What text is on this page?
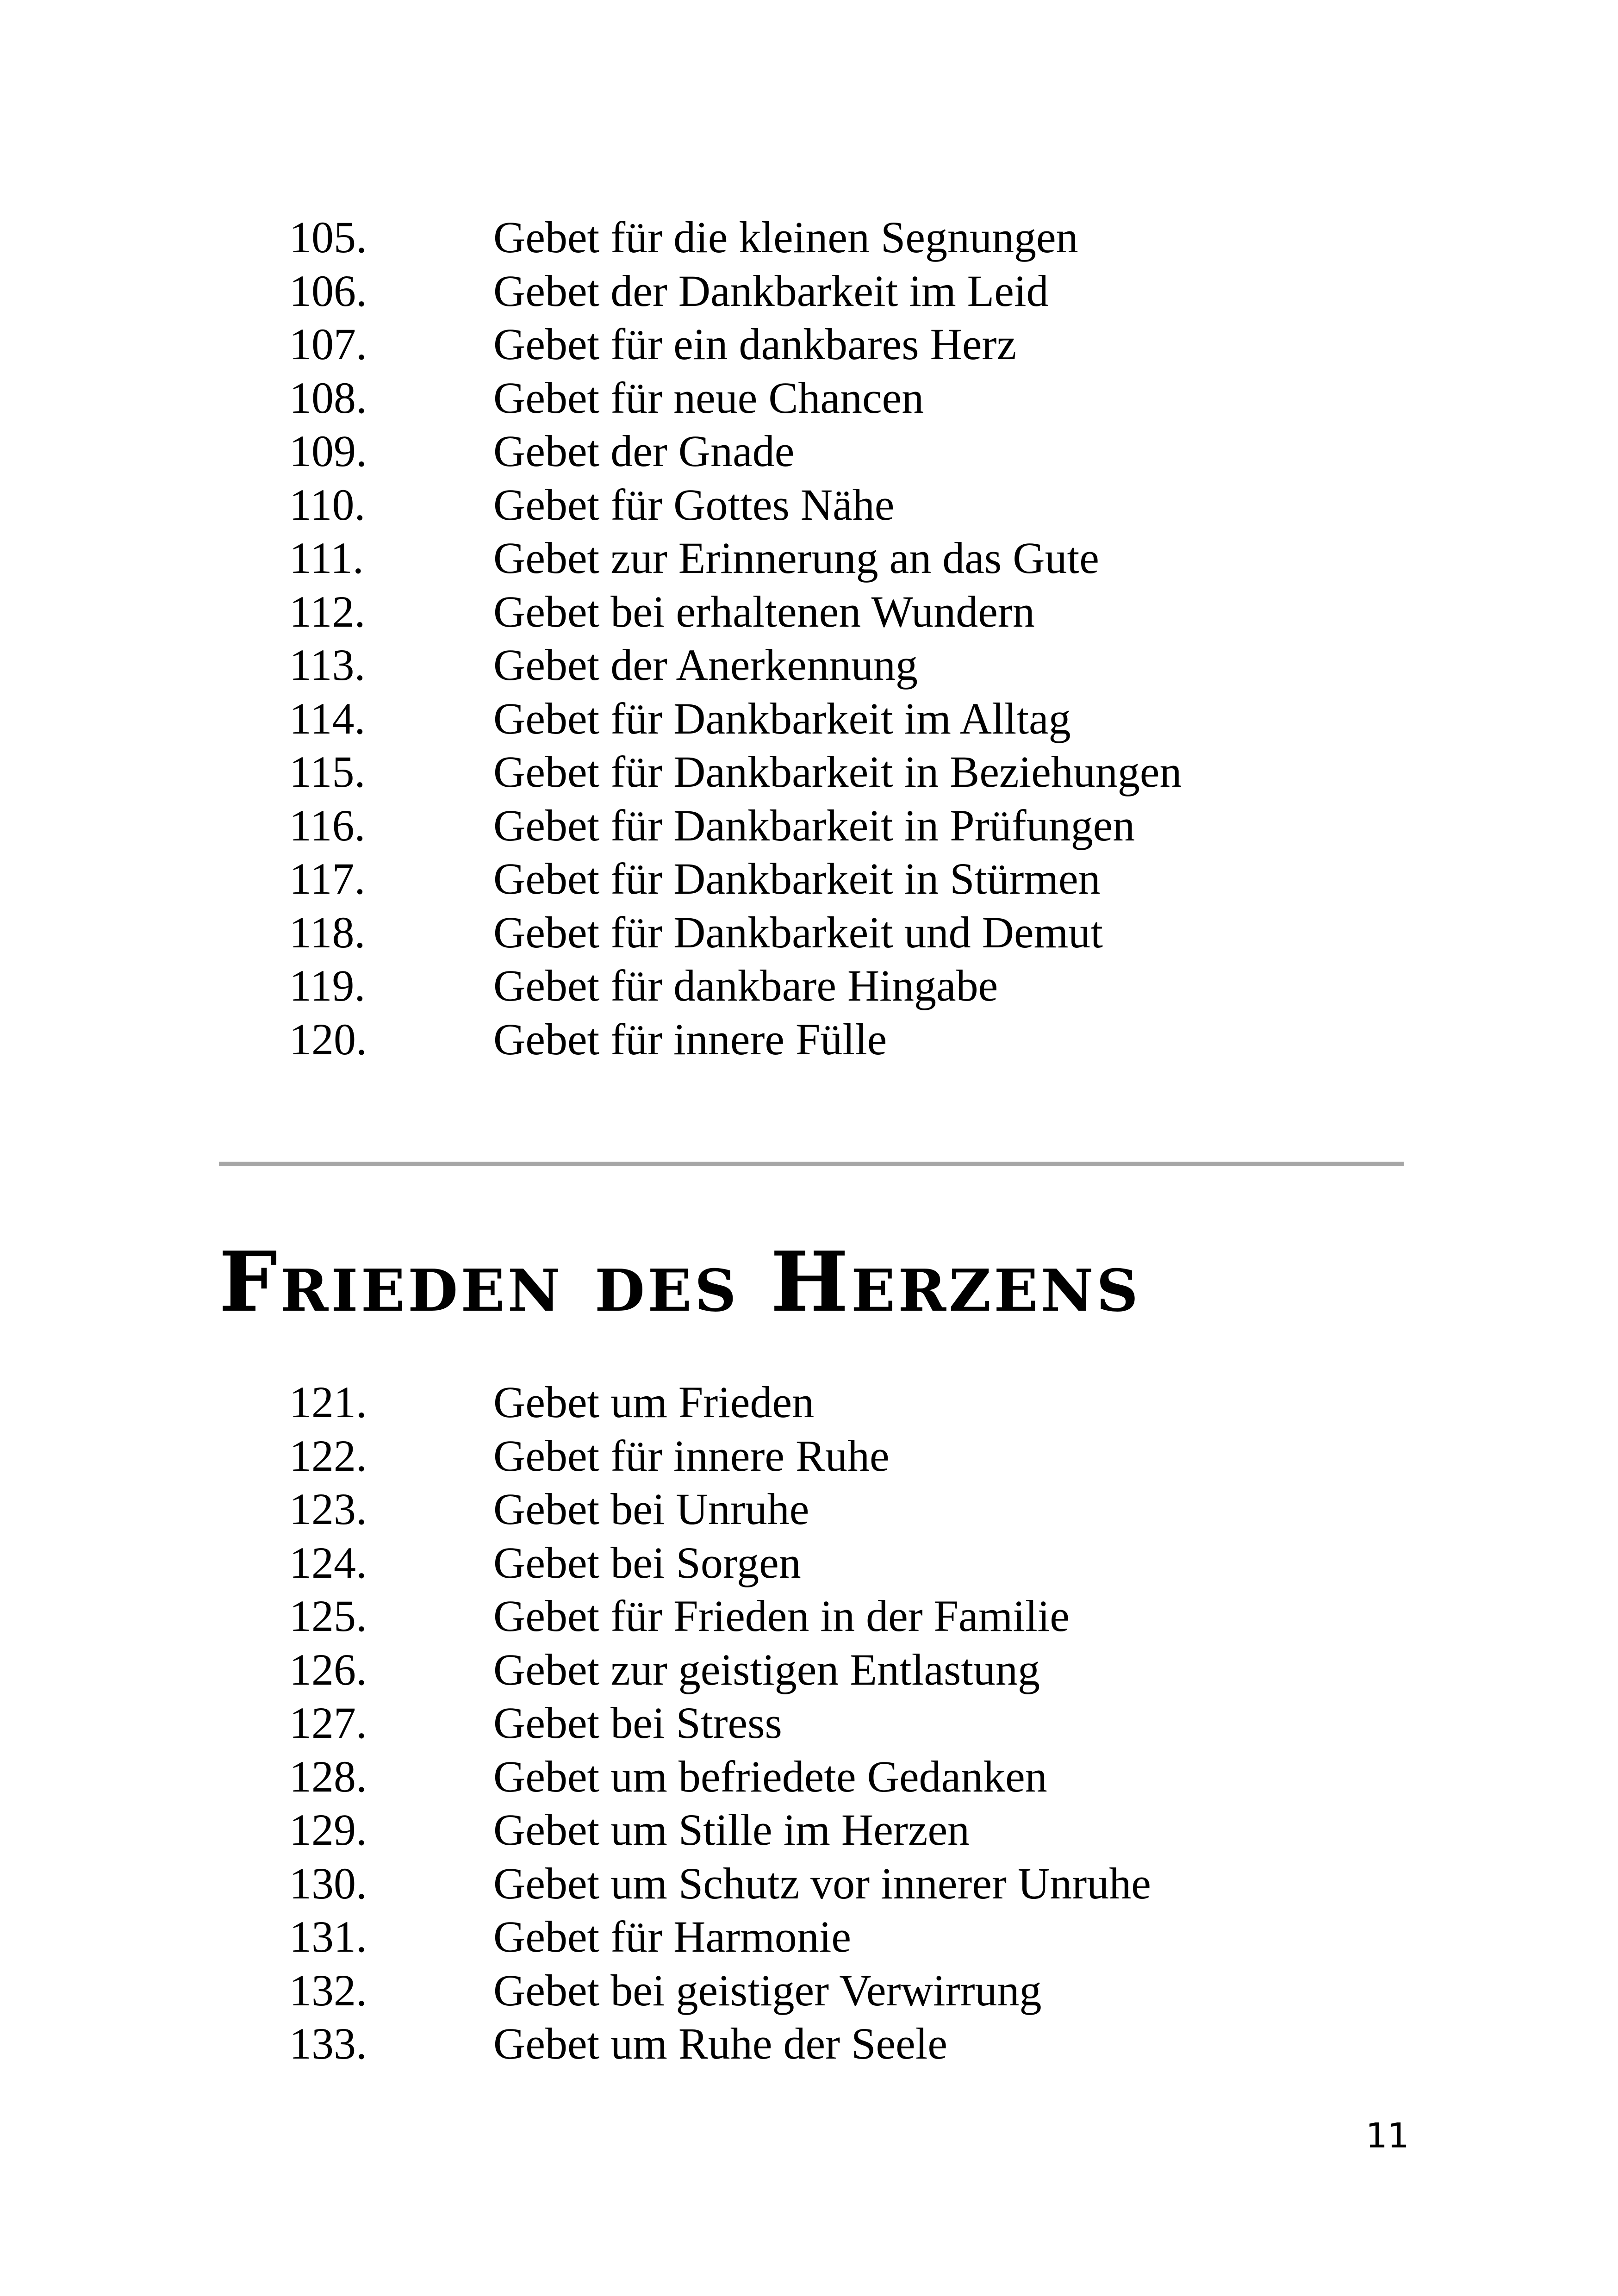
105.	Gebet für die kleinen Segnungen
106.	Gebet der Dankbarkeit im Leid
107.	Gebet für ein dankbares Herz
108.	Gebet für neue Chancen
109.	Gebet der Gnade
110.	Gebet für Gottes Nähe
111.	Gebet zur Erinnerung an das Gute
112.	Gebet bei erhaltenen Wundern
113.	Gebet der Anerkennung
114.	Gebet für Dankbarkeit im Alltag
115.	Gebet für Dankbarkeit in Beziehungen
116.	Gebet für Dankbarkeit in Prüfungen
117.	Gebet für Dankbarkeit in Stürmen
118.	Gebet für Dankbarkeit und Demut
119.	Gebet für dankbare Hingabe
120.	Gebet für innere Fülle
Frieden des Herzens
121.	Gebet um Frieden
122.	Gebet für innere Ruhe
123.	Gebet bei Unruhe
124.	Gebet bei Sorgen
125.	Gebet für Frieden in der Familie
126.	Gebet zur geistigen Entlastung
127.	Gebet bei Stress
128.	Gebet um befriedete Gedanken
129.	Gebet um Stille im Herzen
130.	Gebet um Schutz vor innerer Unruhe
131.	Gebet für Harmonie
132.	Gebet bei geistiger Verwirrung
133.	Gebet um Ruhe der Seele
11
